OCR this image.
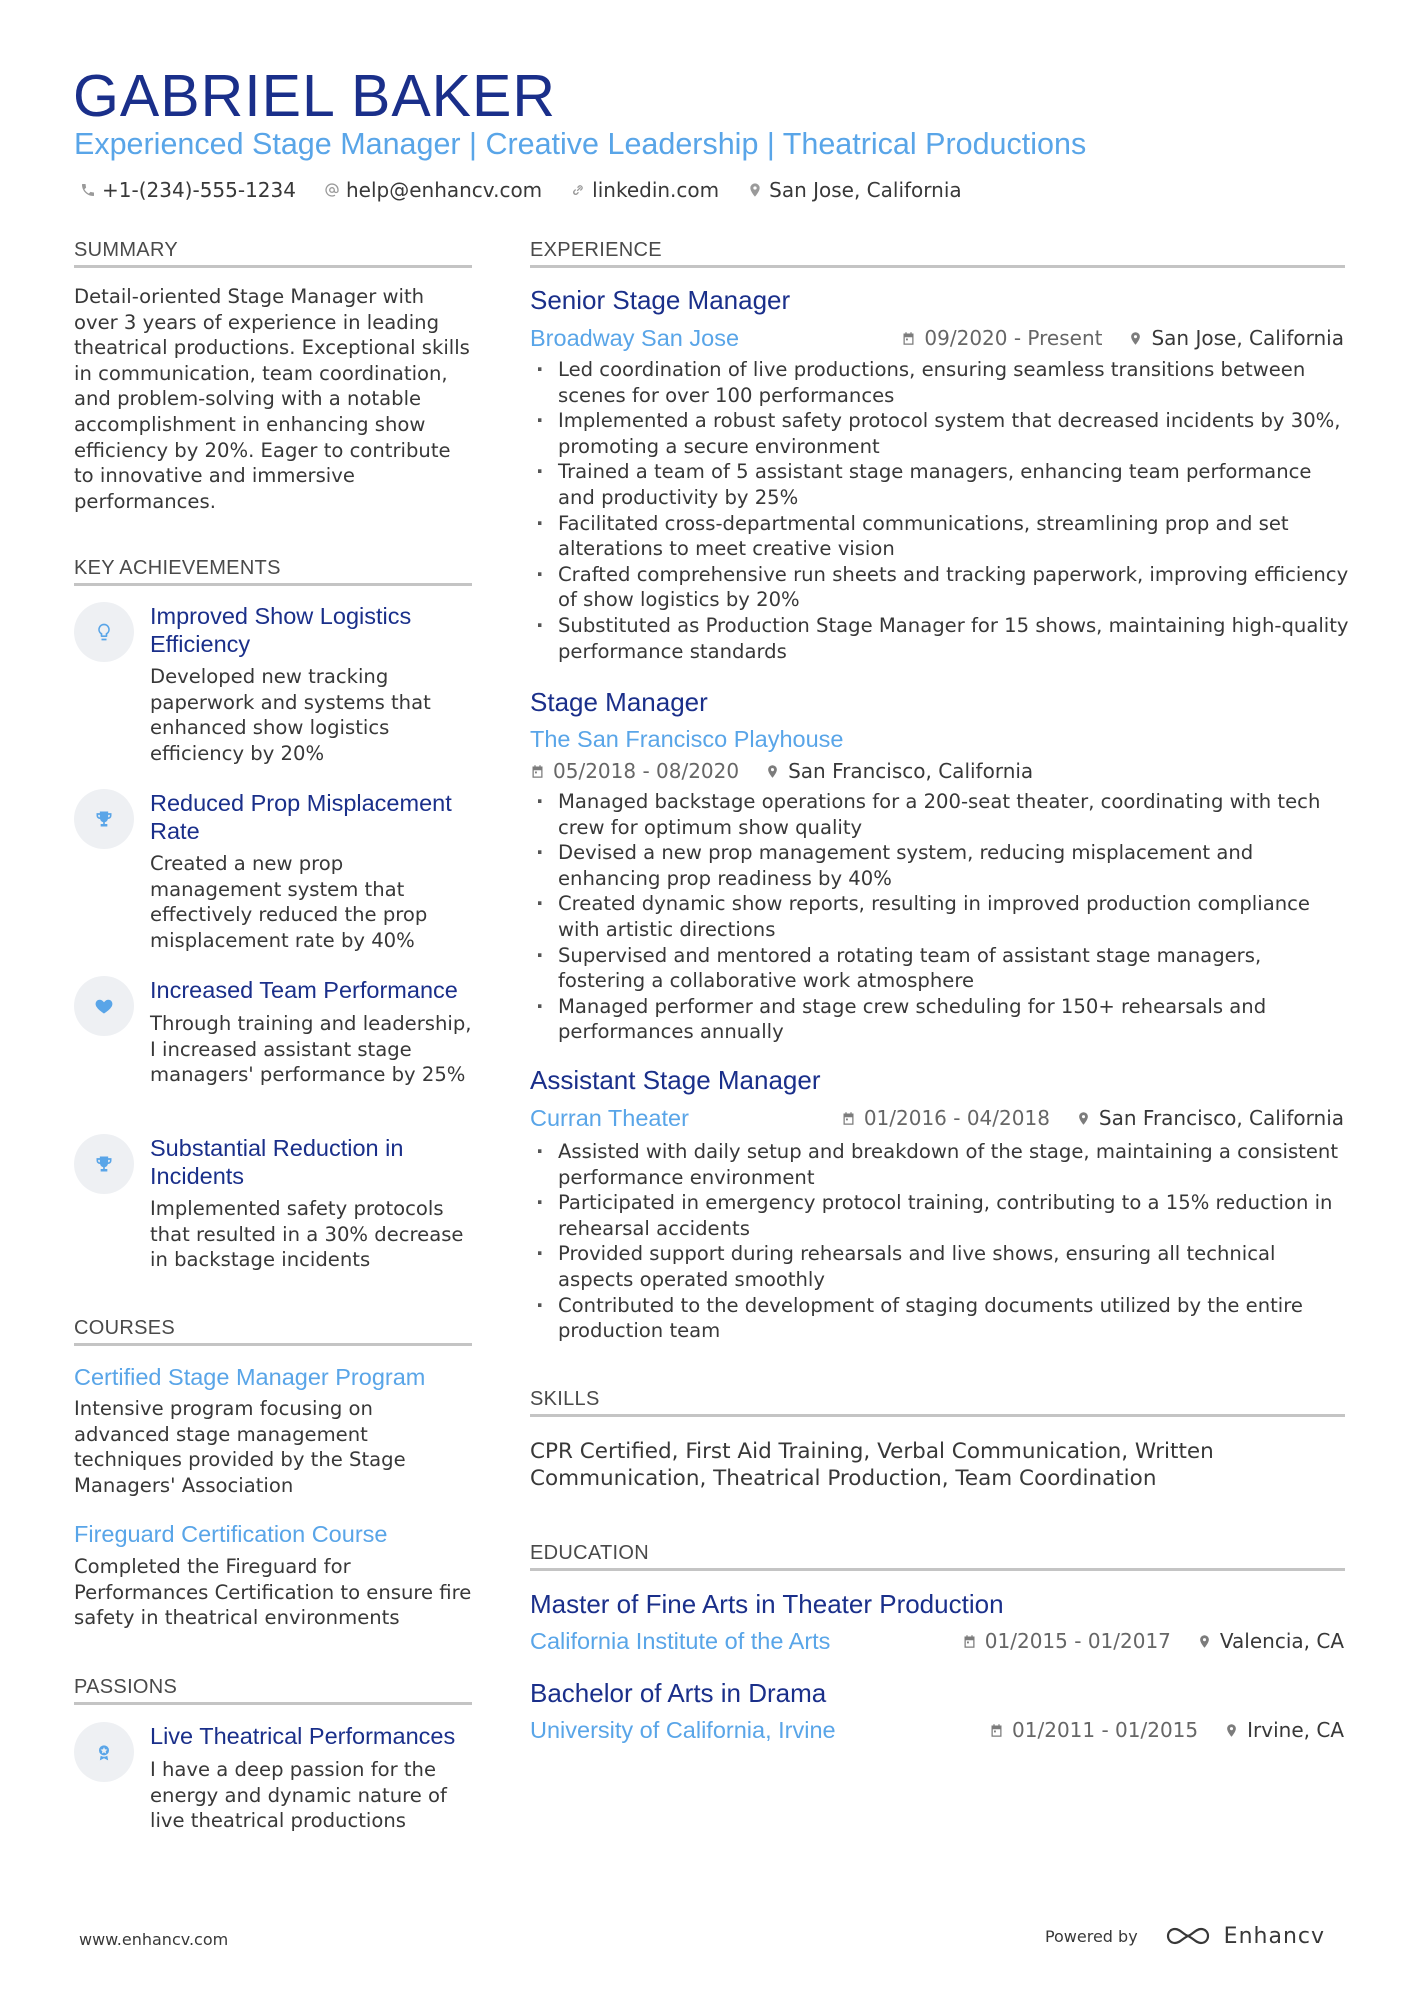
GABRIEL BAKER
Experienced Stage Manager | Creative Leadership | Theatrical Productions
+1-(234)-555-1234	help@enhancv.com	linkedin.com	San Jose, California
SUMMARY

Detail-oriented Stage Manager with over 3 years of experience in leading theatrical productions. Exceptional skills in communication, team coordination, and problem-solving with a notable accomplishment in enhancing show efficiency by 20%. Eager to contribute to innovative and immersive performances.

KEY ACHIEVEMENTS
Improved Show Logistics Efficiency
Developed new tracking paperwork and systems that enhanced show logistics efficiency by 20%
Reduced Prop Misplacement Rate
Created a new prop management system that effectively reduced the prop misplacement rate by 40%
Increased Team Performance
Through training and leadership, I increased assistant stage managers' performance by 25%
Substantial Reduction in Incidents
Implemented safety protocols that resulted in a 30% decrease in backstage incidents
COURSES
Certified Stage Manager Program
Intensive program focusing on advanced stage management techniques provided by the Stage Managers' Association
Fireguard Certification Course
Completed the Fireguard for Performances Certification to ensure fire safety in theatrical environments
PASSIONS
Live Theatrical Performances
I have a deep passion for the energy and dynamic nature of live theatrical productions
EXPERIENCE
Senior Stage Manager
Broadway San Jose	09/2020 - Present San Jose, California
· Led coordination of live productions, ensuring seamless transitions between scenes for over 100 performances
· Implemented a robust safety protocol system that decreased incidents by 30%, promoting a secure environment
· Trained a team of 5 assistant stage managers, enhancing team performance and productivity by 25%
· Facilitated cross-departmental communications, streamlining prop and set alterations to meet creative vision
· Crafted comprehensive run sheets and tracking paperwork, improving efficiency of show logistics by 20%
· Substituted as Production Stage Manager for 15 shows, maintaining high-quality performance standards
Stage Manager
The San Francisco Playhouse
05/2018 - 08/2020 San Francisco, California
· Managed backstage operations for a 200-seat theater, coordinating with tech crew for optimum show quality
· Devised a new prop management system, reducing misplacement and enhancing prop readiness by 40%
· Created dynamic show reports, resulting in improved production compliance with artistic directions
· Supervised and mentored a rotating team of assistant stage managers, fostering a collaborative work atmosphere
· Managed performer and stage crew scheduling for 150+ rehearsals and performances annually
Assistant Stage Manager
Curran Theater	01/2016 - 04/2018 San Francisco, California
· Assisted with daily setup and breakdown of the stage, maintaining a consistent performance environment
· Participated in emergency protocol training, contributing to a 15% reduction in rehearsal accidents
· Provided support during rehearsals and live shows, ensuring all technical aspects operated smoothly
· Contributed to the development of staging documents utilized by the entire production team
SKILLS
CPR Certified, First Aid Training, Verbal Communication, Written Communication, Theatrical Production, Team Coordination
EDUCATION
Master of Fine Arts in Theater Production
California Institute of the Arts	01/2015 - 01/2017 Valencia, CA
Bachelor of Arts in Drama
University of California, Irvine	01/2011 - 01/2015 Irvine, CA
www.enhancv.com	Powered by	Enhancv
